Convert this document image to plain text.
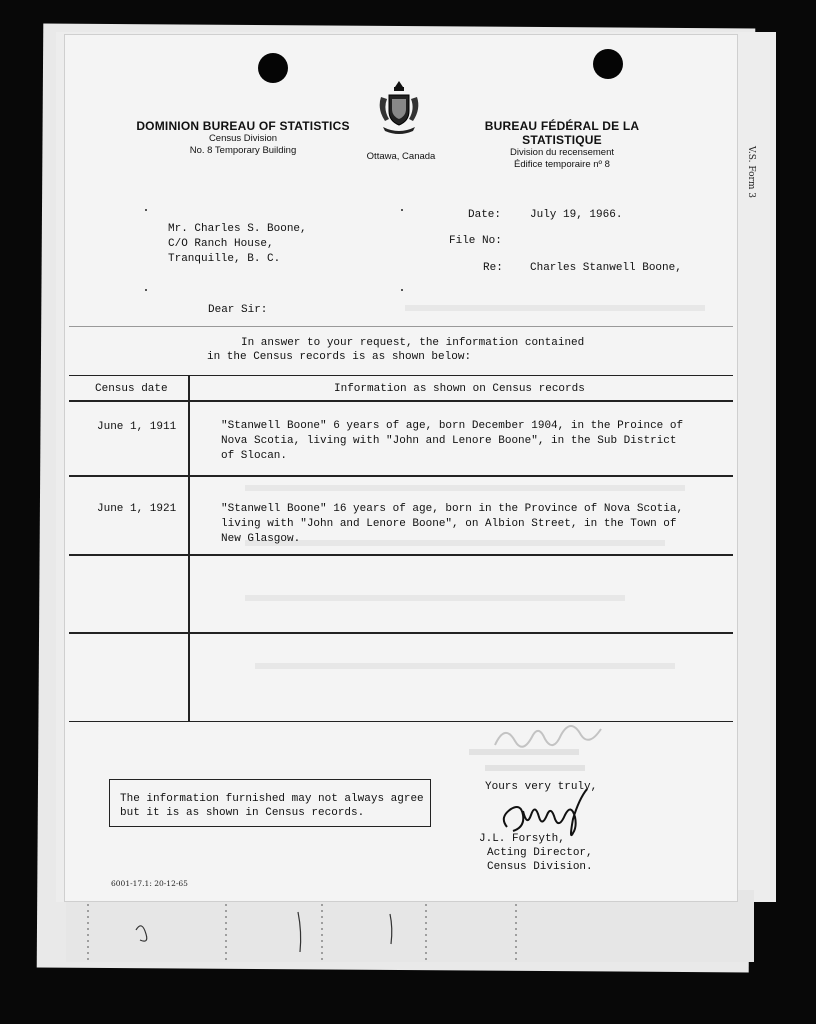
V.S. Form 3
DOMINION BUREAU OF STATISTICS
Census Division
No. 8 Temporary Building
Ottawa, Canada
BUREAU FÉDÉRAL DE LA STATISTIQUE
Division du recensement
Édifice temporaire nº 8
Mr. Charles S. Boone,
C/O Ranch House,
Tranquille, B. C.
Date:	July 19, 1966.
File No:
Re: Charles Stanwell Boone,
Dear Sir:
In answer to your request, the information contained
in the Census records is as shown below:
Census date	Information as shown on Census records
June 1, 1911	"Stanwell Boone" 6 years of age, born December 1904, in the Proince of
Nova Scotia, living with "John and Lenore Boone", in the Sub District
of Slocan.
June 1, 1921	"Stanwell Boone" 16 years of age, born in the Province of Nova Scotia,
living with "John and Lenore Boone", on Albion Street, in the Town of
New Glasgow.
The information furnished may not always agree
but it is as shown in Census records.
Yours very truly,
J.L. Forsyth,
Acting Director,
Census Division.
6001-17.1: 20-12-65
